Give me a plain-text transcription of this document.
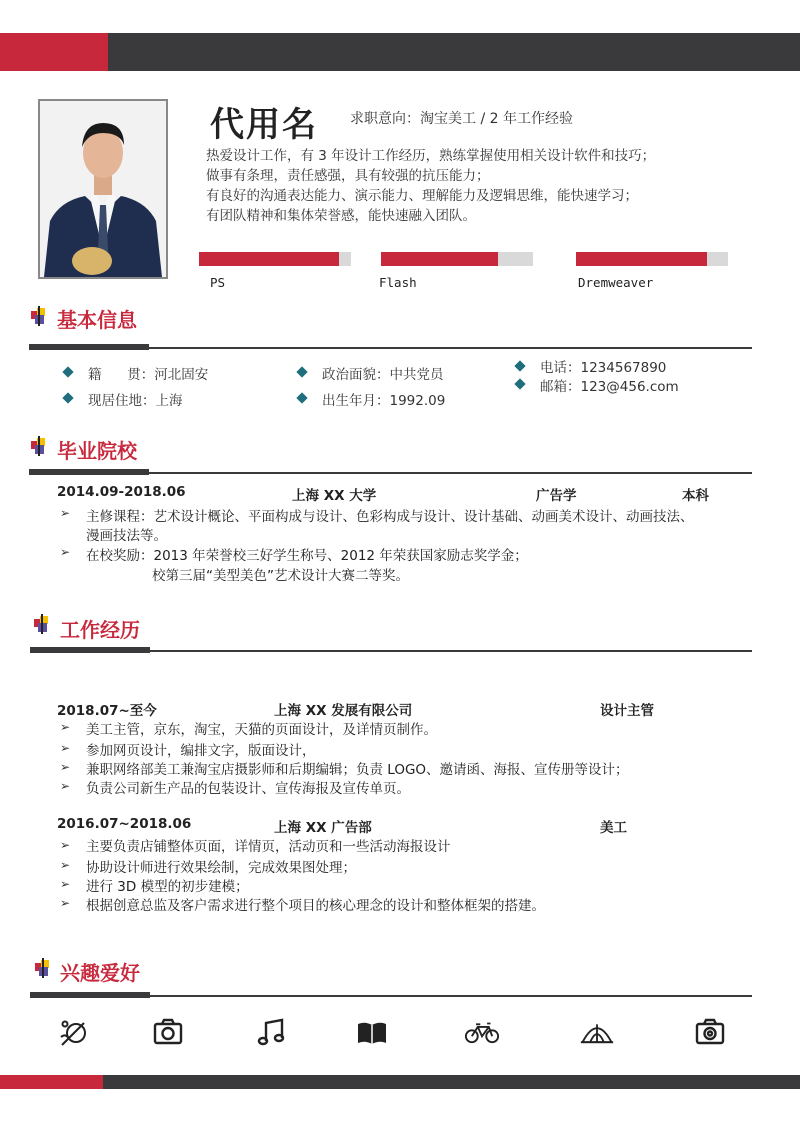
代用名 求职意向：淘宝美工 / 2 年工作经验
热爱设计工作，有 3 年设计工作经历，熟练掌握使用相关设计软件和技巧；
做事有条理，责任感强，具有较强的抗压能力；
有良好的沟通表达能力、演示能力、理解能力及逻辑思维，能快速学习；
有团队精神和集体荣誉感，能快速融入团队。
PS	Flash	Dremweaver
基本信息
籍      贯：河北固安
现居住地：上海
政治面貌：中共党员
出生年月：1992.09
电话：1234567890
邮箱：123@456.com
毕业院校
2014.09-2018.06	上海 XX 大学	广告学	本科
➢ 主修课程：艺术设计概论、平面构成与设计、色彩构成与设计、设计基础、动画美术设计、动画技法、
漫画技法等。
➢ 在校奖励：2013 年荣誉校三好学生称号、2012 年荣获国家励志奖学金；
校第三届“美型美色”艺术设计大赛二等奖。
工作经历
2018.07~至今	上海 XX 发展有限公司	设计主管
➢ 美工主管，京东，淘宝，天猫的页面设计，及详情页制作。
➢ 参加网页设计，编排文字，版面设计，
➢ 兼职网络部美工兼淘宝店摄影师和后期编辑；负责 LOGO、邀请函、海报、宣传册等设计；
➢ 负责公司新生产品的包装设计、宣传海报及宣传单页。
2016.07~2018.06	上海 XX 广告部	美工
➢ 主要负责店铺整体页面，详情页，活动页和一些活动海报设计
➢ 协助设计师进行效果绘制，完成效果图处理；
➢ 进行 3D 模型的初步建模；
➢ 根据创意总监及客户需求进行整个项目的核心理念的设计和整体框架的搭建。
兴趣爱好
